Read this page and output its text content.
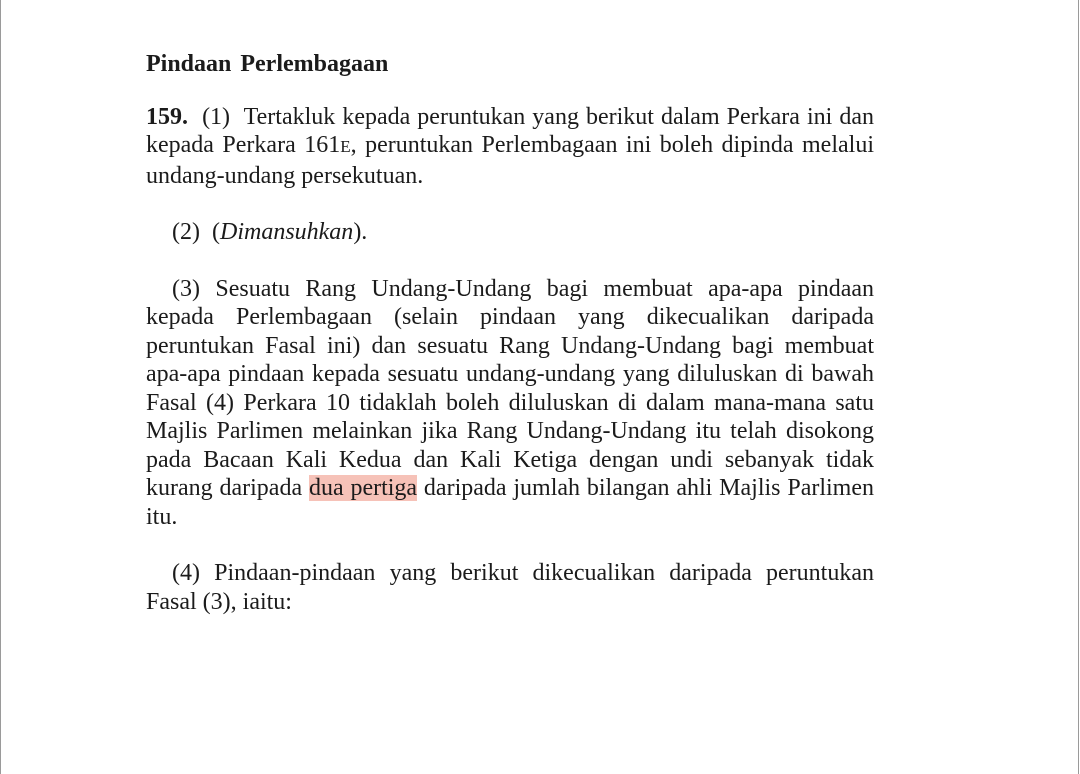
Pindaan Perlembagaan

159. (1) Tertakluk kepada peruntukan yang berikut dalam Perkara ini dan kepada Perkara 161E, peruntukan Perlembagaan ini boleh dipinda melalui undang-undang persekutuan.

(2) (Dimansuhkan).

(3) Sesuatu Rang Undang-Undang bagi membuat apa-apa pindaan kepada Perlembagaan (selain pindaan yang dikecualikan daripada peruntukan Fasal ini) dan sesuatu Rang Undang-Undang bagi membuat apa-apa pindaan kepada sesuatu undang-undang yang diluluskan di bawah Fasal (4) Perkara 10 tidaklah boleh diluluskan di dalam mana-mana satu Majlis Parlimen melainkan jika Rang Undang-Undang itu telah disokong pada Bacaan Kali Kedua dan Kali Ketiga dengan undi sebanyak tidak kurang daripada dua pertiga daripada jumlah bilangan ahli Majlis Parlimen itu.

(4) Pindaan-pindaan yang berikut dikecualikan daripada peruntukan Fasal (3), iaitu:
